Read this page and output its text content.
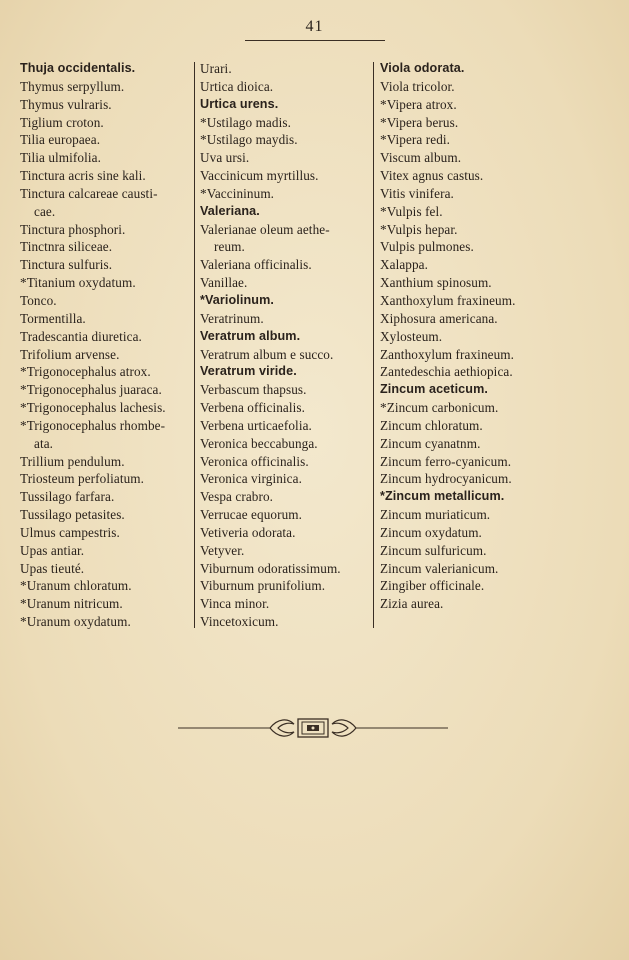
41
Thuja occidentalis.
Thymus serpyllum.
Thymus vulraris.
Tiglium croton.
Tilia europaea.
Tilia ulmifolia.
Tinctura acris sine kali.
Tinctura calcareae causti-
cae.
Tinctura phosphori.
Tinctnra siliceae.
Tinctura sulfuris.
*Titanium oxydatum.
Tonco.
Tormentilla.
Tradescantia diuretica.
Trifolium arvense.
*Trigonocephalus atrox.
*Trigonocephalus juaraca.
*Trigonocephalus lachesis.
*Trigonocephalus rhombe-
ata.
Trillium pendulum.
Triosteum perfoliatum.
Tussilago farfara.
Tussilago petasites.
Ulmus campestris.
Upas antiar.
Upas tieuté.
*Uranum chloratum.
*Uranum nitricum.
*Uranum oxydatum.
Urari.
Urtica dioica.
Urtica urens.
*Ustilago madis.
*Ustilago maydis.
Uva ursi.
Vaccinicum myrtillus.
*Vaccininum.
Valeriana.
Valerianae oleum aethe-
reum.
Valeriana officinalis.
Vanillae.
*Variolinum.
Veratrinum.
Veratrum album.
Veratrum album e succo.
Veratrum viride.
Verbascum thapsus.
Verbena officinalis.
Verbena urticaefolia.
Veronica beccabunga.
Veronica officinalis.
Veronica virginica.
Vespa crabro.
Verrucae equorum.
Vetiveria odorata.
Vetyver.
Viburnum odoratissimum.
Viburnum prunifolium.
Vinca minor.
Vincetoxicum.
Viola odorata.
Viola tricolor.
*Vipera atrox.
*Vipera berus.
*Vipera redi.
Viscum album.
Vitex agnus castus.
Vitis vinifera.
*Vulpis fel.
*Vulpis hepar.
Vulpis pulmones.
Xalappa.
Xanthium spinosum.
Xanthoxylum fraxineum.
Xiphosura americana.
Xylosteum.
Zanthoxylum fraxineum.
Zantedeschia aethiopica.
Zincum aceticum.
*Zincum carbonicum.
Zincum chloratum.
Zincum cyanatnm.
Zincum ferro-cyanicum.
Zincum hydrocyanicum.
*Zincum metallicum.
Zincum muriaticum.
Zincum oxydatum.
Zincum sulfuricum.
Zincum valerianicum.
Zingiber officinale.
Zizia aurea.
